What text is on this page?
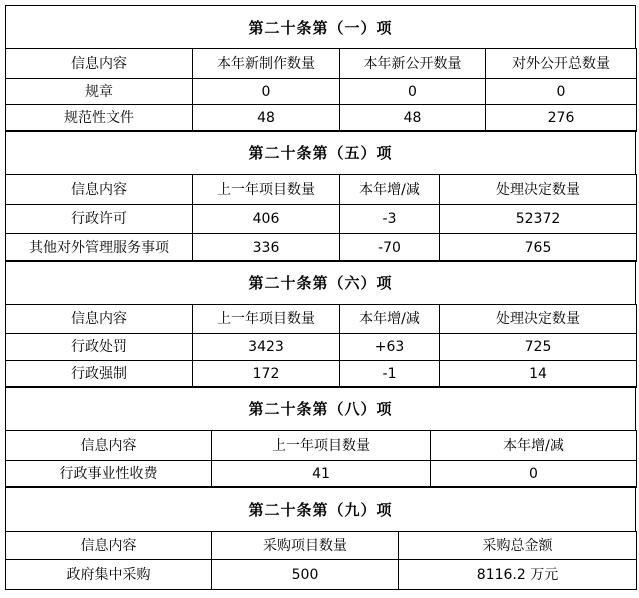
第二十条第（一）项
信息内容	本年新制作数量	本年新公开数量	对外公开总数量
规章	0	0	0
规范性文件	48	48	276
第二十条第（五）项
信息内容	上一年项目数量	本年增/减	处理决定数量
行政许可	406	-3	52372
其他对外管理服务事项	336	-70	765
第二十条第（六）项
信息内容	上一年项目数量	本年增/减	处理决定数量
行政处罚	3423	+63	725
行政强制	172	-1	14
第二十条第（八）项
信息内容	上一年项目数量	本年增/减
行政事业性收费	41	0
第二十条第（九）项
信息内容	采购项目数量	采购总金额
政府集中采购	500	8116.2 万元
